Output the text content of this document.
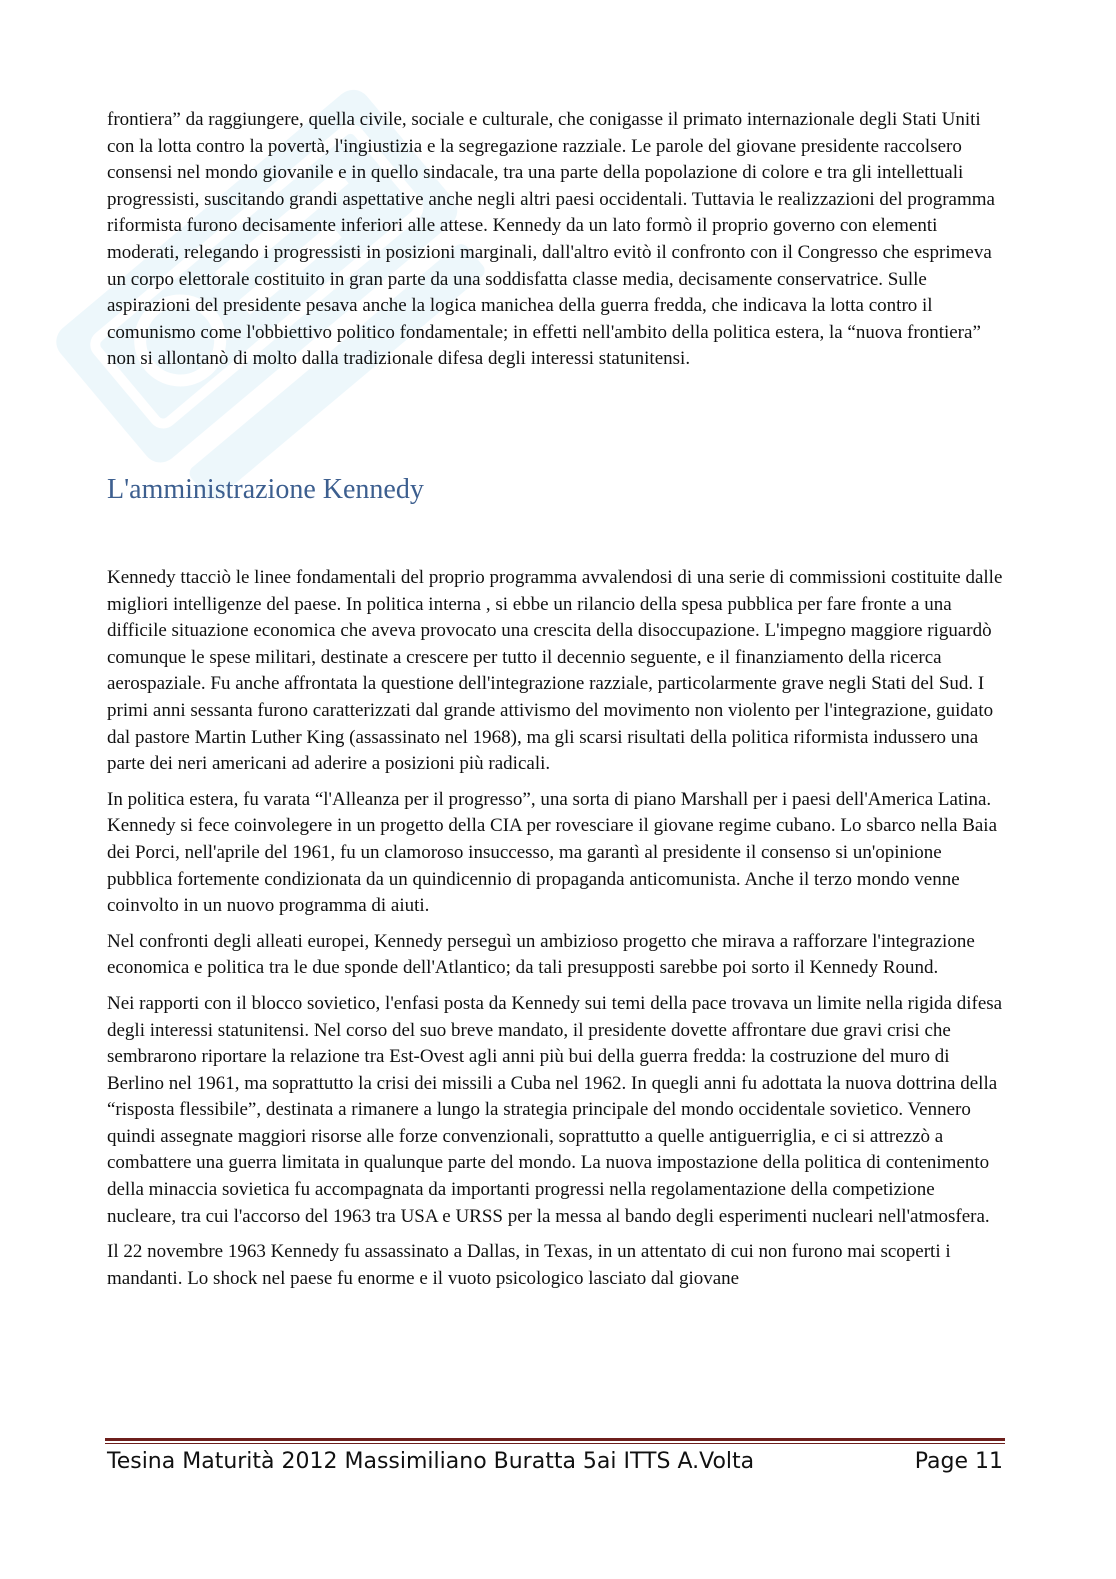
frontiera” da raggiungere, quella civile, sociale e culturale, che conigasse il primato internazionale degli Stati Uniti con la lotta contro la povertà, l'ingiustizia e la segregazione razziale. Le parole del giovane presidente raccolsero consensi nel mondo giovanile e in quello sindacale, tra una parte della popolazione di colore e tra gli intellettuali progressisti, suscitando grandi aspettative anche negli altri paesi occidentali. Tuttavia le realizzazioni del programma riformista furono decisamente inferiori alle attese. Kennedy da un lato formò il proprio governo con elementi moderati, relegando i progressisti in posizioni marginali, dall'altro evitò il confronto con il Congresso che esprimeva un corpo elettorale costituito in gran parte da una soddisfatta classe media, decisamente conservatrice. Sulle aspirazioni del presidente pesava anche la logica manichea della guerra fredda, che indicava la lotta contro il comunismo come l'obbiettivo politico fondamentale; in effetti nell'ambito della politica estera, la “nuova frontiera” non si allontanò di molto dalla tradizionale difesa degli interessi statunitensi.

L'amministrazione Kennedy

Kennedy ttacciò le linee fondamentali del proprio programma avvalendosi di una serie di commissioni costituite dalle migliori intelligenze del paese. In politica interna , si ebbe un rilancio della spesa pubblica per fare fronte a una difficile situazione economica che aveva provocato una crescita della disoccupazione. L'impegno maggiore riguardò comunque le spese militari, destinate a crescere per tutto il decennio seguente, e il finanziamento della ricerca aerospaziale. Fu anche affrontata la questione dell'integrazione razziale, particolarmente grave negli Stati del Sud. I primi anni sessanta furono caratterizzati dal grande attivismo del movimento non violento per l'integrazione, guidato dal pastore Martin Luther King (assassinato nel 1968), ma gli scarsi risultati della politica riformista indussero una parte dei neri americani ad aderire a posizioni più radicali.

In politica estera, fu varata “l'Alleanza per il progresso”, una sorta di piano Marshall per i paesi dell'America Latina. Kennedy si fece coinvolegere in un progetto della CIA per rovesciare il giovane regime cubano. Lo sbarco nella Baia dei Porci, nell'aprile del 1961, fu un clamoroso insuccesso, ma garantì al presidente il consenso si un'opinione pubblica fortemente condizionata da un quindicennio di propaganda anticomunista. Anche il terzo mondo venne coinvolto in un nuovo programma di aiuti.

Nel confronti degli alleati europei, Kennedy perseguì un ambizioso progetto che mirava a rafforzare l'integrazione economica e politica tra le due sponde dell'Atlantico; da tali presupposti sarebbe poi sorto il Kennedy Round.

Nei rapporti con il blocco sovietico, l'enfasi posta da Kennedy sui temi della pace trovava un limite nella rigida difesa degli interessi statunitensi. Nel corso del suo breve mandato, il presidente dovette affrontare due gravi crisi che sembrarono riportare la relazione tra Est-Ovest agli anni più bui della guerra fredda: la costruzione del muro di Berlino nel 1961, ma soprattutto la crisi dei missili a Cuba nel 1962. In quegli anni fu adottata la nuova dottrina della “risposta flessibile”, destinata a rimanere a lungo la strategia principale del mondo occidentale sovietico. Vennero quindi assegnate maggiori risorse alle forze convenzionali, soprattutto a quelle antiguerriglia, e ci si attrezzò a combattere una guerra limitata in qualunque parte del mondo. La nuova impostazione della politica di contenimento della minaccia sovietica fu accompagnata da importanti progressi nella regolamentazione della competizione nucleare, tra cui l'accorso del 1963 tra USA e URSS per la messa al bando degli esperimenti nucleari nell'atmosfera.

Il 22 novembre 1963 Kennedy fu assassinato a Dallas, in Texas, in un attentato di cui non furono mai scoperti i mandanti. Lo shock nel paese fu enorme e il vuoto psicologico lasciato dal giovane

Tesina Maturità 2012 Massimiliano Buratta 5ai ITTS A.Volta	Page 11
